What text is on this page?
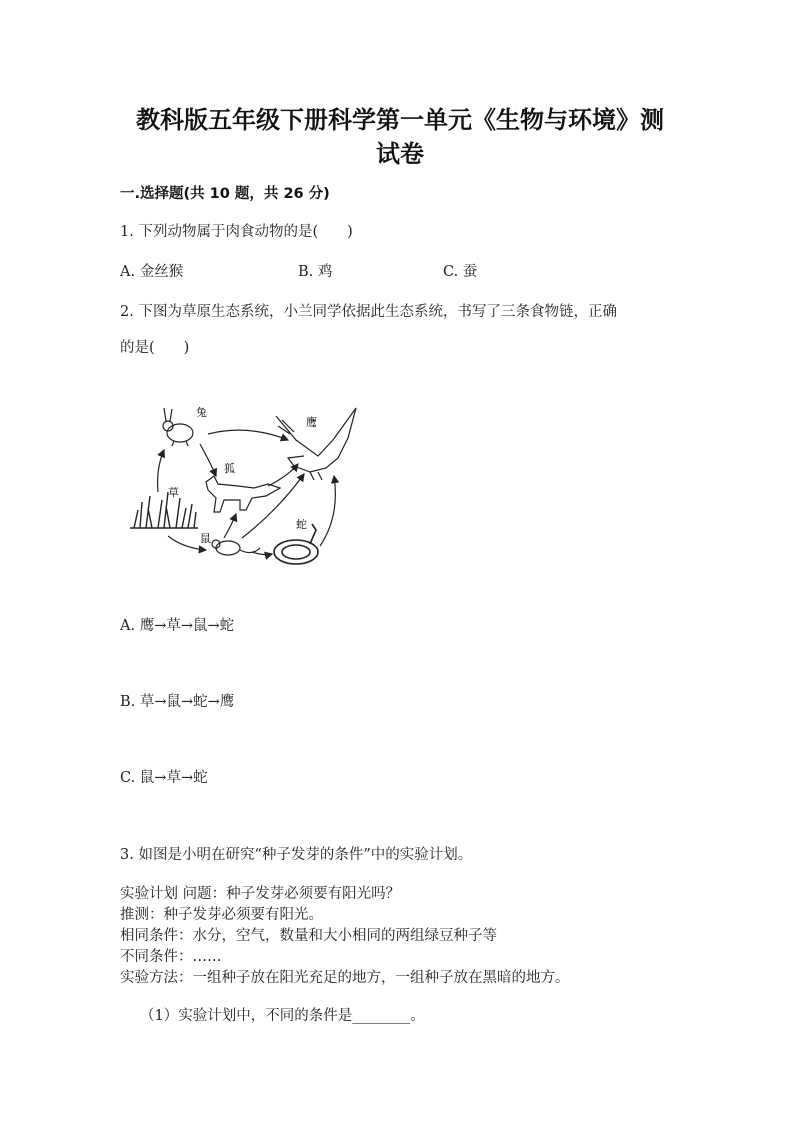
教科版五年级下册科学第一单元《生物与环境》测
试卷
一.选择题(共 10 题，共 26 分)
1. 下列动物属于肉食动物的是(　　)
A. 金丝猴	B. 鸡	C. 蚕
2. 下图为草原生态系统，小兰同学依据此生态系统，书写了三条食物链，正确
的是(　　)
兔
鹰
狐
草
鼠
蛇
A. 鹰→草→鼠→蛇
B. 草→鼠→蛇→鹰
C. 鼠→草→蛇
3. 如图是小明在研究“种子发芽的条件”中的实验计划。
实验计划 问题：种子发芽必须要有阳光吗？
推测：种子发芽必须要有阳光。
相同条件：水分，空气，数量和大小相同的两组绿豆种子等
不同条件：……
实验方法：一组种子放在阳光充足的地方，一组种子放在黑暗的地方。
（1）实验计划中，不同的条件是________。
